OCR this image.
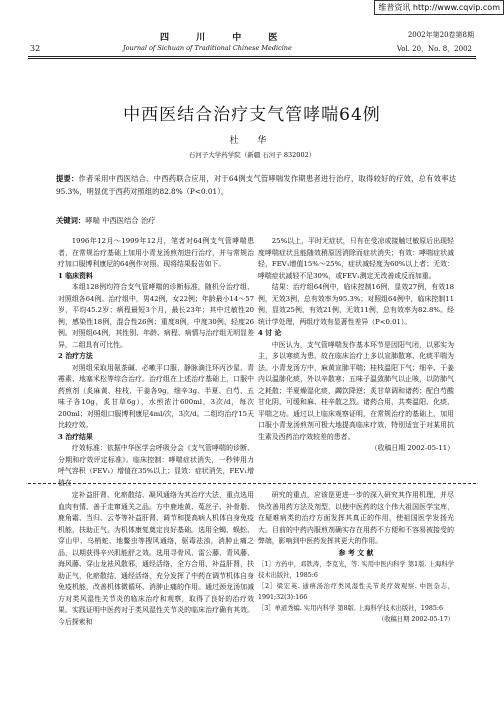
维普资讯 http://www.cqvip.com
32
四 川 中 医
Journal of Sichuan of Traditional Chinese Medicine
2002年第20卷第8期
Vol. 20，No. 8，2002
中西医结合治疗支气管哮喘64例
杜 华
石河子大学药学院（新疆 石河子 832002）
提要：作者采用中西医结合、中西药联合应用，对于64例支气管哮喘发作期患者进行治疗，取得较好的疗效，总有效率达95.3%，明显优于西药对照组的82.8%（P<0.01）。
关键词：哮喘 中西医结合 治疗

1996年12月～1999年12月，笔者对64例支气管哮喘患者，在常规治疗基础上加用小青龙汤煎剂进行治疗，并与常规治疗加口服博利康尼的64例作对照。现将结果报告如下。

1 临床资料

本组128例均符合支气管哮喘的诊断标准，随机分治疗组、对照组各64例。治疗组中，男42例，女22例；年龄最小14～57岁，平均45.2岁；病程最短3个月，最长23年；其中过敏性20例，感染性18例，混合性26例；重度8例，中度30例，轻度26例。对照组64例，其性别、年龄、病程、病情与治疗组无明显差异，二组具有可比性。

2 治疗方法

对照组采取用氨茶碱、必嗽平口服、静脉滴注环丙沙星、青霉素、地塞米松等综合治疗。治疗组在上述治疗基础上，口服中药煎剂（炙麻黄、桂枝、干姜各9g，细辛3g、半夏、白芍、五味子各10g，炙甘草6g），水煎浓汁600ml，3次/d，每次200ml；对照组口服博利康尼4ml/次，3次/d。二组均治疗15天比较疗效。

3 治疗结果

疗效标准：依据中华医学会呼吸分会《支气管哮喘的诊断、分期和疗效评定标准》。临床控制：哮喘症状消失，一秒钟用力呼气容积（FEV₁）增值在35%以上；显效：症状消失，FEV₁增值在

25%以上，平时无症状，只有在受凉或接触过敏原后出现轻度哮喘症状且能随效稍原因消除而症状消失；有效：哮喘症状减轻，FEV₁增值15%～25%，症状减轻度为60%以上者；无效：哮喘症状减轻不足30%，或FEV₁测定无改善或反而加重。

结果：治疗组64例中，临床控制16例，显效27例，有效18例，无效3例，总有效率为95.3%；对照组64例中，临床控制11例，显效25例，有效21例，无效11例，总有效率为82.8%。经统计学处理，两组疗效有显著性差异（P<0.01）。

4 讨 论

中医认为，支气管哮喘发作基本环节是因阳气闭，以邪实为主，多以寒痰为患，故在临床治疗上多以宣肺散寒、化痰平喘为法。小青龙汤方中，麻黄宣肺平喘；桂枝温阳下气；细辛、干姜内以温肺化痰，外以辛散寒；五味子温敛肺气以止咳，以防肺气之耗散；半夏燥湿化痰，蠲饮降逆；炙甘草调和诸药；配白芍酸甘化阴，可缓和麻、桂辛散之烈。诸药合用，共奏温阳、化痰、平喘之功。通过以上临床观察证明，在常规治疗的基础上，加用口服小青龙汤煎剂可极大地提高临床疗效，特别适宜于对某用抗生素及西药治疗效较差的患者。

（收稿日期 2002-05-11）

定补益肝肾、化瘀散结、凝风通络为其治疗大法，重点选用血肉有情、善于走窜通关之品。方中鹿地黄、菟丝子、补骨脂、鹿角霜、当归、云苓等补益肝肾，调节和提高病人机体自身免疫机能，扶助正气，为机体康复奠定良好基础。选用全蝎、蜈蚣、穿山甲、乌梢蛇、地鳖虫等搜风通络，驱毒祛浊，消肿止痛之品，以期获得辛兴肌能舒之效。选用寻骨风、雷公藤、青风藤、海风藤、穿山龙袪风散邪，通经活络，全方合用，补益肝肾，扶助正气，化瘀散结，通经活络，充分发挥了中药在调节机体自身免疫机能，改善机体微循环、消肿止痛的作用。通过颈龙汤加减方对类风湿性关节炎的临床治疗和观察，取得了良好的治疗效果。实践证明中医药对于类风湿性关节炎的临床治疗确有其效。今后探索和

研究的重点，应该是更进一步的深入研究其作用机理，并尽快改善用药方法及剂型，以使中医药的这个伟大祖国医学宝库，在疑难病类的治疗方面发挥其真正的作用，使祖国医学发扬光大。目前的中药内服煎剂确实存在用药不方便和不容易被接受的弊端，影响到中医药发挥其更大的作用。

参 考 文 献

［1］方药中，邓铁涛，李克光，等. 实用中医内科学 第1版. 上海科学技术出版社，1985:6

［2］梁宏英. 通痹汤治疗类风湿性关节炎疗效观察. 中医杂志，1991;32(3):166

［3］单道秀编. 实用内科学 第8版. 上海科学技术出版社，1985:6

（收稿日期 2002-05-17）
